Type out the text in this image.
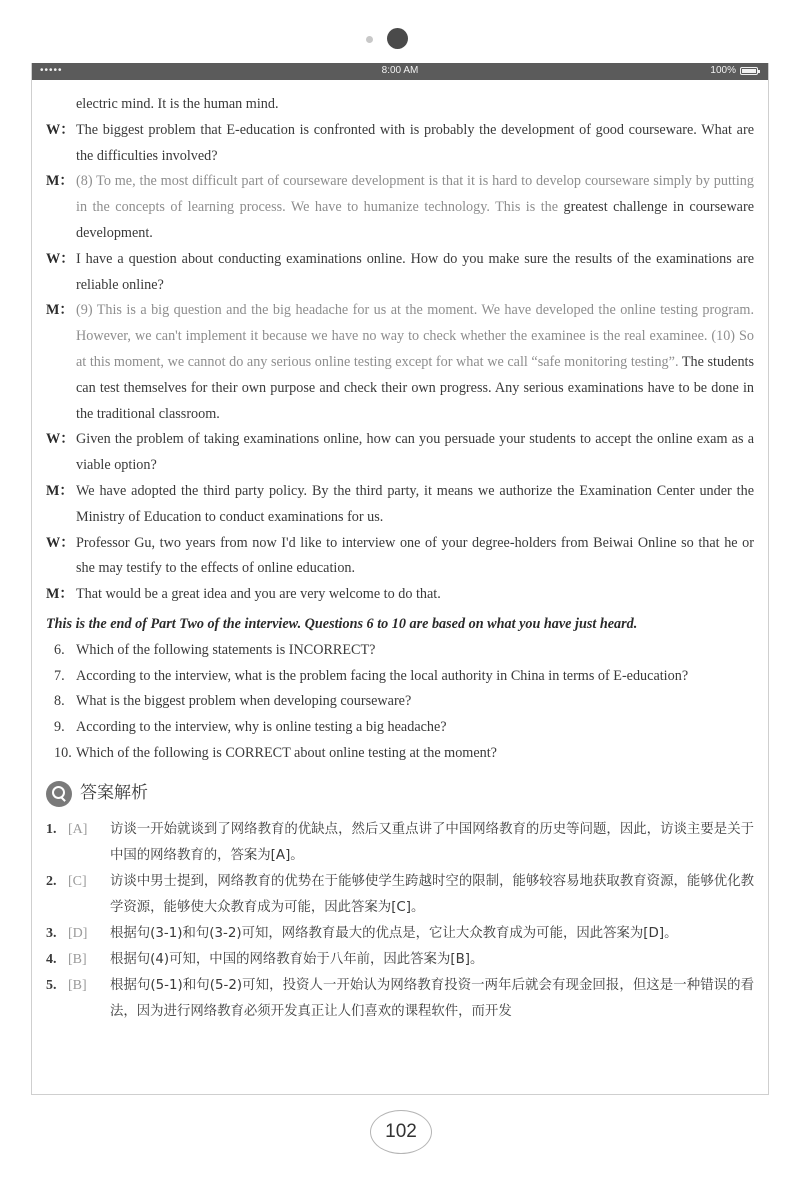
•••••	8:00 AM	100%
electric mind. It is the human mind.
W： The biggest problem that E-education is confronted with is probably the development of good courseware. What are the difficulties involved?
M： (8) To me, the most difficult part of courseware development is that it is hard to develop courseware simply by putting in the concepts of learning process. We have to humanize technology. This is the greatest challenge in courseware development.
W： I have a question about conducting examinations online. How do you make sure the results of the examinations are reliable online?
M： (9) This is a big question and the big headache for us at the moment. We have developed the online testing program. However, we can't implement it because we have no way to check whether the examinee is the real examinee. (10) So at this moment, we cannot do any serious online testing except for what we call “safe monitoring testing”. The students can test themselves for their own purpose and check their own progress. Any serious examinations have to be done in the traditional classroom.
W： Given the problem of taking examinations online, how can you persuade your students to accept the online exam as a viable option?
M： We have adopted the third party policy. By the third party, it means we authorize the Examination Center under the Ministry of Education to conduct examinations for us.
W： Professor Gu, two years from now I'd like to interview one of your degree-holders from Beiwai Online so that he or she may testify to the effects of online education.
M： That would be a great idea and you are very welcome to do that.
This is the end of Part Two of the interview. Questions 6 to 10 are based on what you have just heard.
6. Which of the following statements is INCORRECT?
7. According to the interview, what is the problem facing the local authority in China in terms of E-education?
8. What is the biggest problem when developing courseware?
9. According to the interview, why is online testing a big headache?
10. Which of the following is CORRECT about online testing at the moment?
答案解析
1. [A]	访谈一开始就谈到了网络教育的优缺点，然后又重点讲了中国网络教育的历史等问题，因此，访谈主要是关于中国的网络教育的，答案为[A]。
2. [C]	访谈中男士提到，网络教育的优势在于能够使学生跨越时空的限制，能够较容易地获取教育资源，能够优化教学资源，能够使大众教育成为可能，因此答案为[C]。
3. [D]	根据句(3-1)和句(3-2)可知，网络教育最大的优点是，它让大众教育成为可能，因此答案为[D]。
4. [B]	根据句(4)可知，中国的网络教育始于八年前，因此答案为[B]。
5. [B]	根据句(5-1)和句(5-2)可知，投资人一开始认为网络教育投资一两年后就会有现金回报，但这是一种错误的看法，因为进行网络教育必须开发真正让人们喜欢的课程软件，而开发
102
